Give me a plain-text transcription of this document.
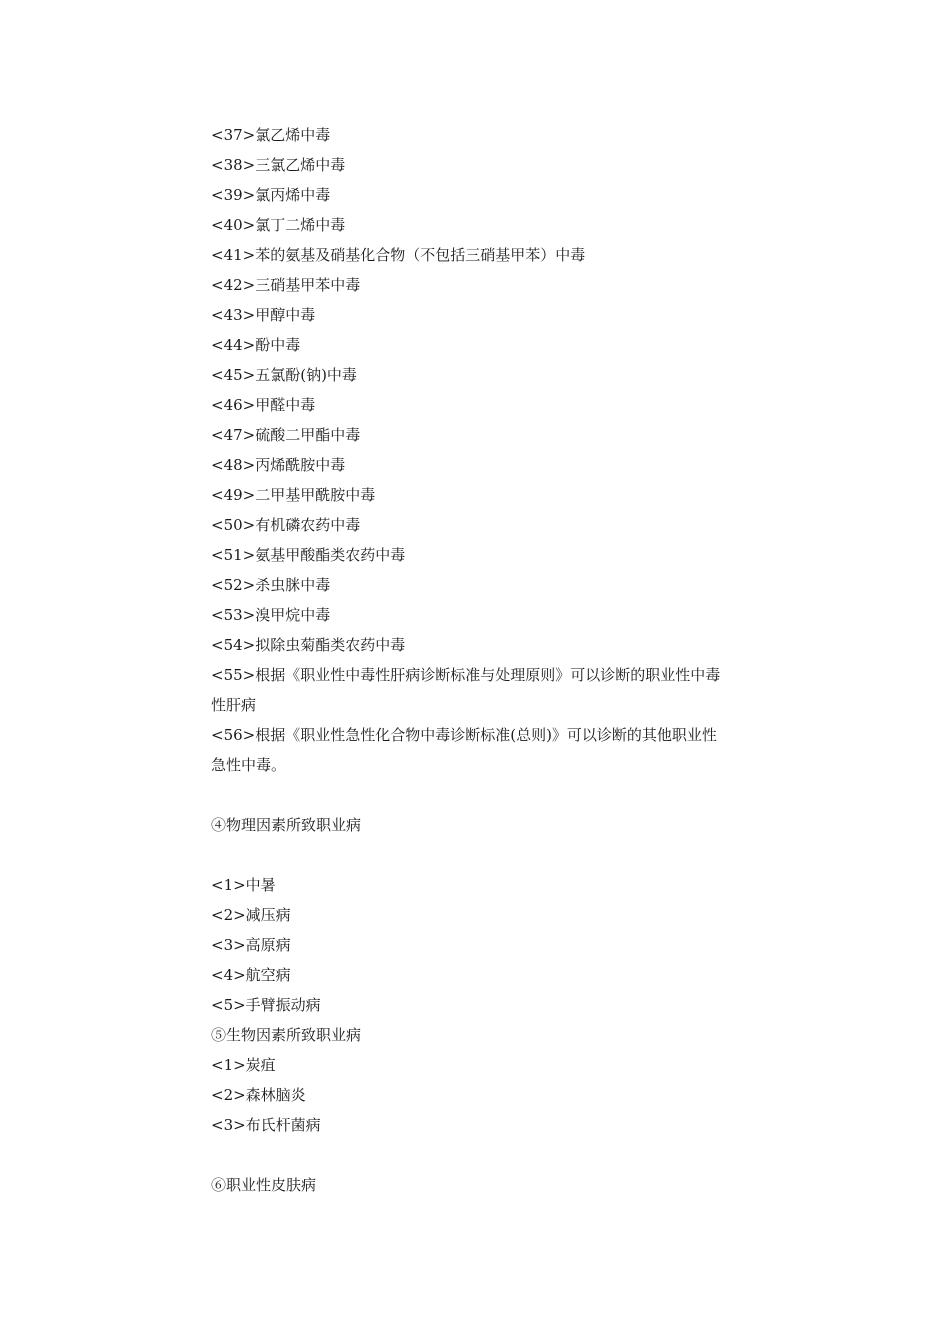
<37>氯乙烯中毒

<38>三氯乙烯中毒

<39>氯丙烯中毒

<40>氯丁二烯中毒

<41>苯的氨基及硝基化合物（不包括三硝基甲苯）中毒

<42>三硝基甲苯中毒

<43>甲醇中毒

<44>酚中毒

<45>五氯酚(钠)中毒

<46>甲醛中毒

<47>硫酸二甲酯中毒

<48>丙烯酰胺中毒

<49>二甲基甲酰胺中毒

<50>有机磷农药中毒

<51>氨基甲酸酯类农药中毒

<52>杀虫脒中毒

<53>溴甲烷中毒

<54>拟除虫菊酯类农药中毒

<55>根据《职业性中毒性肝病诊断标准与处理原则》可以诊断的职业性中毒

性肝病

<56>根据《职业性急性化合物中毒诊断标准(总则)》可以诊断的其他职业性

急性中毒。

④物理因素所致职业病

<1>中暑

<2>减压病

<3>高原病

<4>航空病

<5>手臂振动病

⑤生物因素所致职业病

<1>炭疽

<2>森林脑炎

<3>布氏杆菌病

⑥职业性皮肤病
